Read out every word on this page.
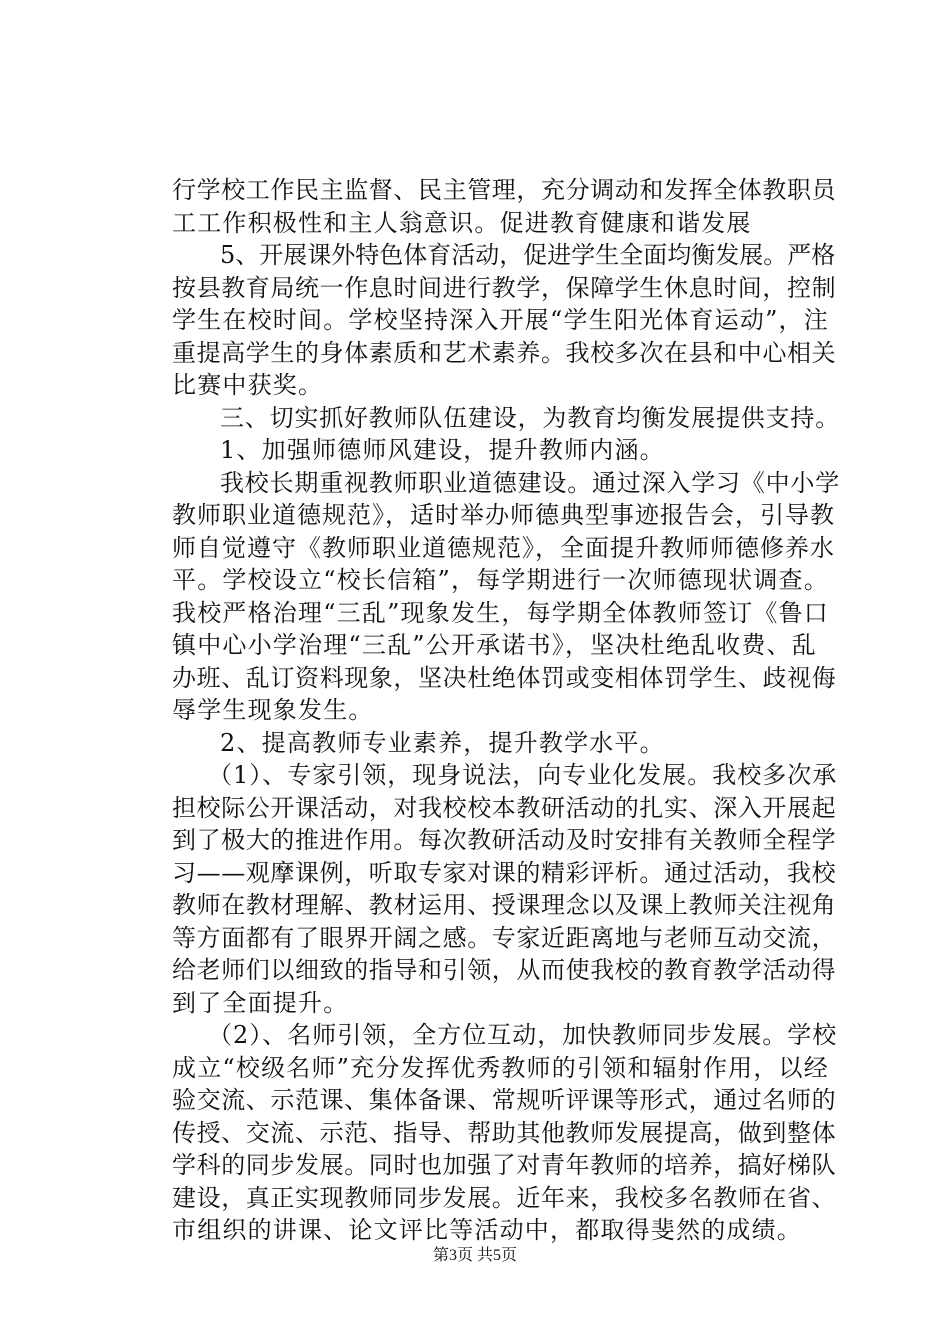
行学校工作民主监督、民主管理，充分调动和发挥全体教职员
工工作积极性和主人翁意识。促进教育健康和谐发展
5、开展课外特色体育活动，促进学生全面均衡发展。严格
按县教育局统一作息时间进行教学，保障学生休息时间，控制
学生在校时间。学校坚持深入开展“学生阳光体育运动”，注
重提高学生的身体素质和艺术素养。我校多次在县和中心相关
比赛中获奖。
三、切实抓好教师队伍建设，为教育均衡发展提供支持。
1、加强师德师风建设，提升教师内涵。
我校长期重视教师职业道德建设。通过深入学习《中小学
教师职业道德规范》，适时举办师德典型事迹报告会，引导教
师自觉遵守《教师职业道德规范》，全面提升教师师德修养水
平。学校设立“校长信箱”，每学期进行一次师德现状调查。
我校严格治理“三乱”现象发生，每学期全体教师签订《鲁口
镇中心小学治理“三乱”公开承诺书》，坚决杜绝乱收费、乱
办班、乱订资料现象，坚决杜绝体罚或变相体罚学生、歧视侮
辱学生现象发生。
2、提高教师专业素养，提升教学水平。
（1）、专家引领，现身说法，向专业化发展。我校多次承
担校际公开课活动，对我校校本教研活动的扎实、深入开展起
到了极大的推进作用。每次教研活动及时安排有关教师全程学
习——观摩课例，听取专家对课的精彩评析。通过活动，我校
教师在教材理解、教材运用、授课理念以及课上教师关注视角
等方面都有了眼界开阔之感。专家近距离地与老师互动交流，
给老师们以细致的指导和引领，从而使我校的教育教学活动得
到了全面提升。
（2）、名师引领，全方位互动，加快教师同步发展。学校
成立“校级名师”充分发挥优秀教师的引领和辐射作用，以经
验交流、示范课、集体备课、常规听评课等形式，通过名师的
传授、交流、示范、指导、帮助其他教师发展提高，做到整体
学科的同步发展。同时也加强了对青年教师的培养，搞好梯队
建设，真正实现教师同步发展。近年来，我校多名教师在省、
市组织的讲课、论文评比等活动中，都取得斐然的成绩。
第3页 共5页
